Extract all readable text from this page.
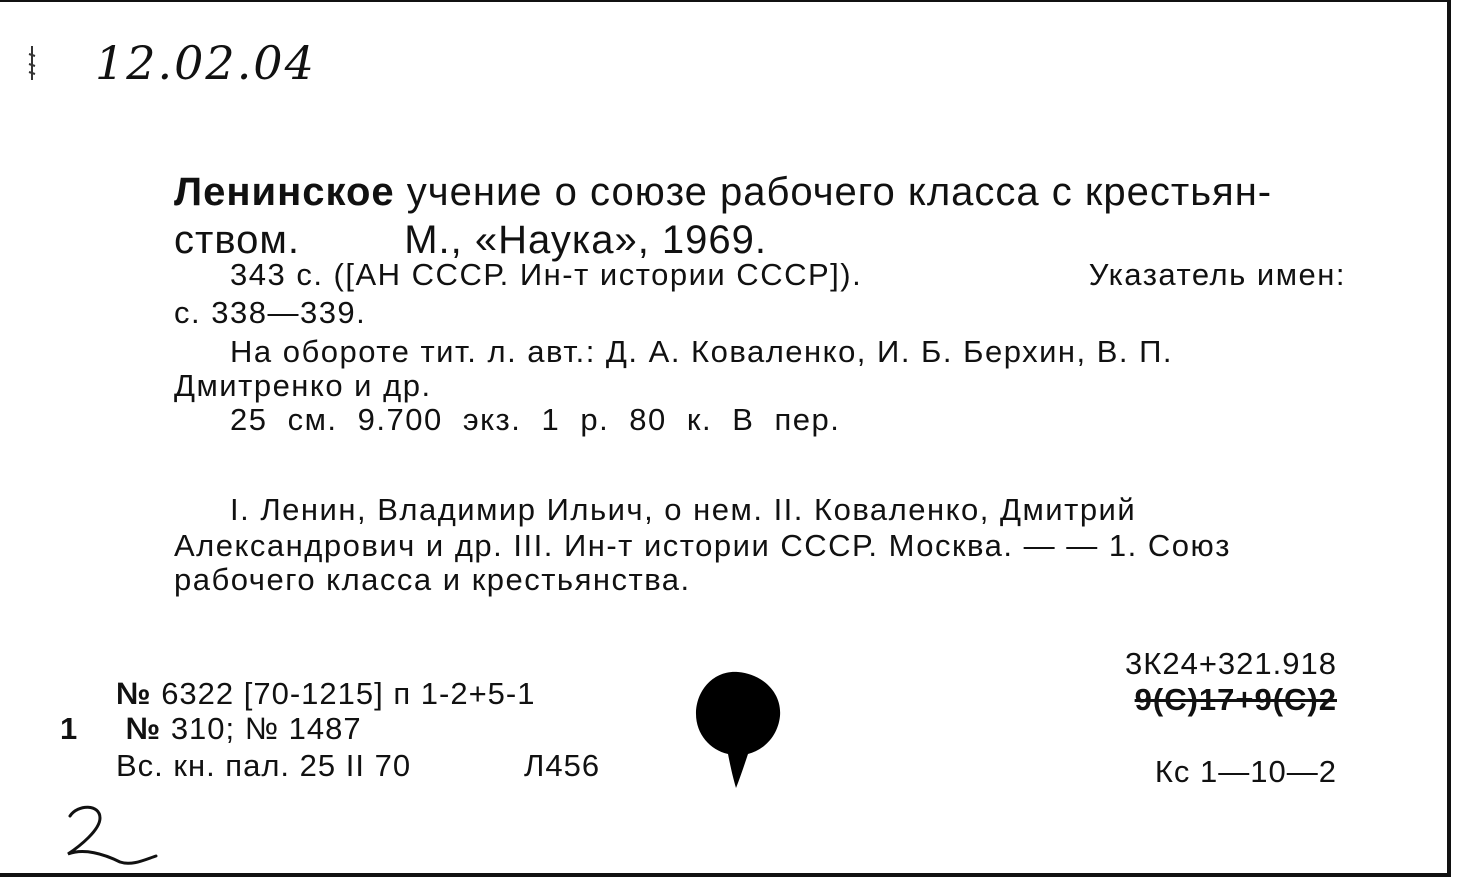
12.02.04
Ленинское учение о союзе рабочего класса с крестьян-
ством.	М., «Наука», 1969.
343 с. ([АН СССР. Ин-т истории СССР]).	Указатель имен:
с. 338—339.
На обороте тит. л. авт.: Д. А. Коваленко, И. Б. Берхин, В. П.
Дмитренко и др.
25 см. 9.700 экз. 1 р. 80 к. В пер.
I. Ленин, Владимир Ильич, о нем. II. Коваленко, Дмитрий
Александрович и др. III. Ин-т истории СССР. Москва. — — 1. Союз
рабочего класса и крестьянства.
№ 6322 [70-1215] п 1-2+5-1
1 № 310; № 1487
Вс. кн. пал. 25 II 70	Л456
3К24+321.918
9(С)17+9(С)2
Кс 1—10—2
